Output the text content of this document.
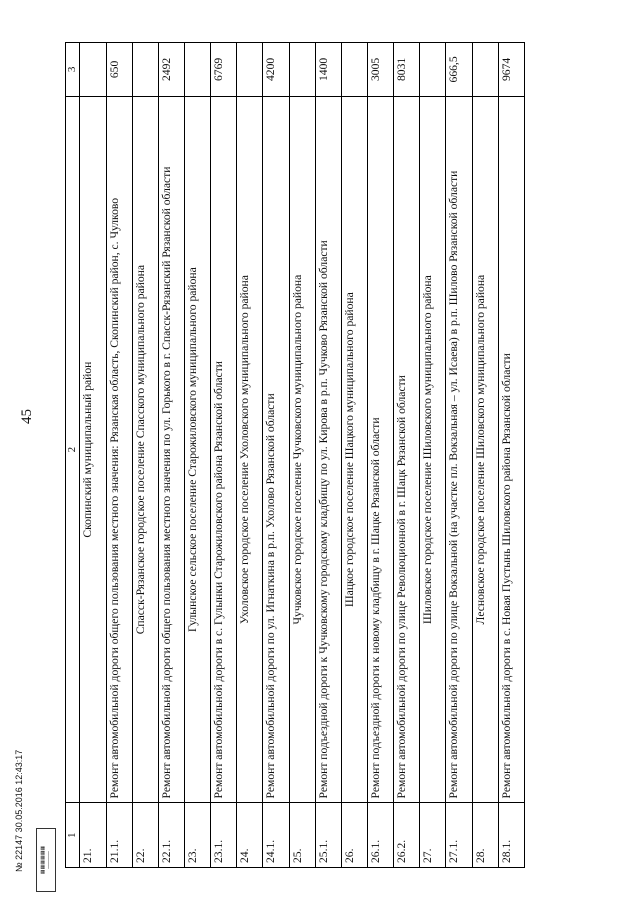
45
1	2	3
21.	Скопинский муниципальный район	
21.1.	Ремонт автомобильной дороги общего пользования местного значения: Рязанская область, Скопинский район, с. Чулково	650
22.	Спасск-Рязанское городское поселение Спасского муниципального района	
22.1.	Ремонт автомобильной дороги общего пользования местного значения по ул. Горького в г. Спасск-Рязанский Рязанской области	2492
23.	Гулынское сельское поселение Старожиловского муниципального района	
23.1.	Ремонт автомобильной дороги в с. Гулынки Старожиловского района Рязанской области	6769
24.	Ухоловское городское поселение Ухоловского муниципального района	
24.1.	Ремонт автомобильной дороги по ул. Игнаткина в р.п. Ухолово Рязанской области	4200
25.	Чучковское городское поселение Чучковского муниципального района	
25.1.	Ремонт подъездной дороги к Чучковскому городскому кладбищу по ул. Кирова в р.п. Чучково Рязанской области	1400
26.	Шацкое городское поселение Шацкого муниципального района	
26.1.	Ремонт подъездной дороги к новому кладбищу в г. Шацке Рязанской области	3005
26.2.	Ремонт автомобильной дороги по улице Революционной в г. Шацк Рязанской области	8031
27.	Шиловское городское поселение Шиловского муниципального района	
27.1.	Ремонт автомобильной дороги по улице Вокзальной (на участке пл. Вокзальная – ул. Исаева) в р.п. Шилово Рязанской области	666,5
28.	Лесновское городское поселение Шиловского муниципального района	
28.1.	Ремонт автомобильной дороги в с. Новая Пустынь Шиловского района Рязанской области	9674
№ 22147 30.05.2016 12:43:17	▦▦▦▦▦▦ ─────
